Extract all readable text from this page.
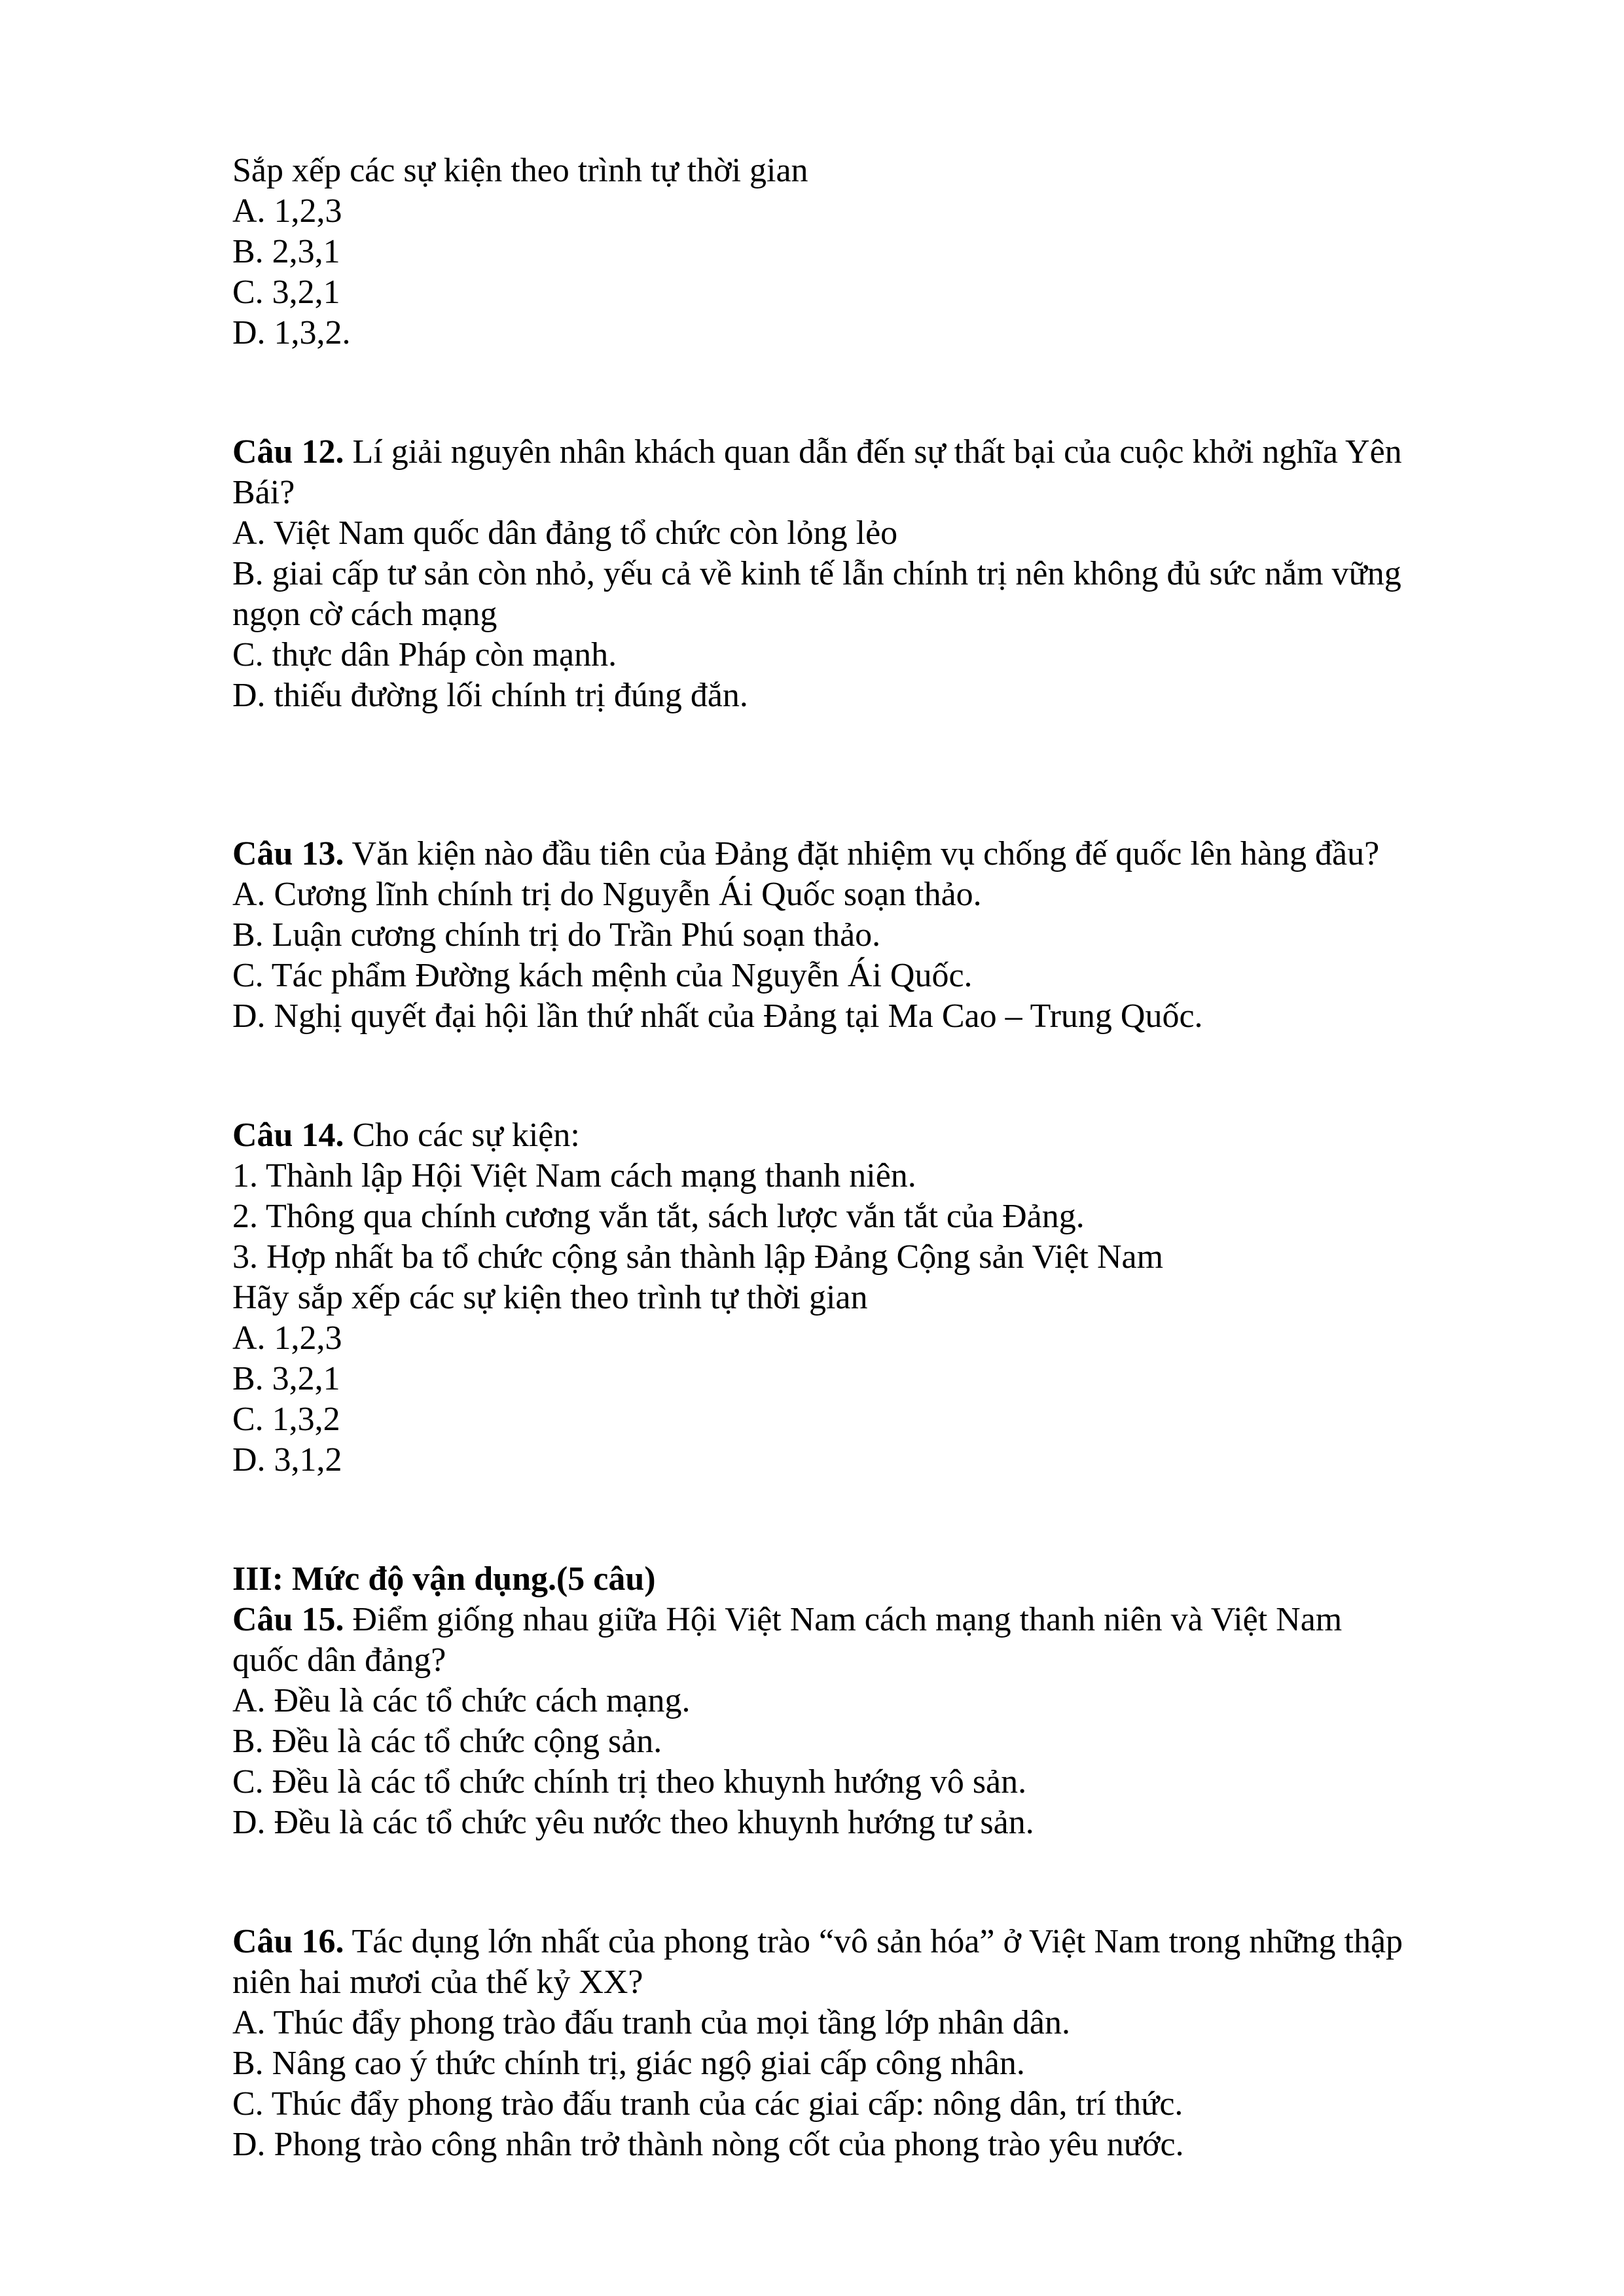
Sắp xếp các sự kiện theo trình tự thời gian
A. 1,2,3
B. 2,3,1
C. 3,2,1
D. 1,3,2.
Câu 12. Lí giải nguyên nhân khách quan dẫn đến sự thất bại của cuộc khởi nghĩa Yên
Bái?
A. Việt Nam quốc dân đảng tổ chức còn lỏng lẻo
B. giai cấp tư sản còn nhỏ, yếu cả về kinh tế lẫn chính trị nên không đủ sức nắm vững
ngọn cờ cách mạng
C. thực dân Pháp còn mạnh.
D. thiếu đường lối chính trị đúng đắn.
Câu 13. Văn kiện nào đầu tiên của Đảng đặt nhiệm vụ chống đế quốc lên hàng đầu?
A. Cương lĩnh chính trị do Nguyễn Ái Quốc soạn thảo.
B. Luận cương chính trị do Trần Phú soạn thảo.
C. Tác phẩm Đường kách mệnh của Nguyễn Ái Quốc.
D. Nghị quyết đại hội lần thứ nhất của Đảng tại Ma Cao – Trung Quốc.
Câu 14. Cho các sự kiện:
1. Thành lập Hội Việt Nam cách mạng thanh niên.
2. Thông qua chính cương vắn tắt, sách lược vắn tắt của Đảng.
3. Hợp nhất ba tổ chức cộng sản thành lập Đảng Cộng sản Việt Nam
Hãy sắp xếp các sự kiện theo trình tự thời gian
A. 1,2,3
B. 3,2,1
C. 1,3,2
D. 3,1,2
III: Mức độ vận dụng.(5 câu)
Câu 15. Điểm giống nhau giữa Hội Việt Nam cách mạng thanh niên và Việt Nam
quốc dân đảng?
A. Đều là các tổ chức cách mạng.
B. Đều là các tổ chức cộng sản.
C. Đều là các tổ chức chính trị theo khuynh hướng vô sản.
D. Đều là các tổ chức yêu nước theo khuynh hướng tư sản.
Câu 16. Tác dụng lớn nhất của phong trào “vô sản hóa” ở Việt Nam trong những thập
niên hai mươi của thế kỷ XX?
A. Thúc đẩy phong trào đấu tranh của mọi tầng lớp nhân dân.
B. Nâng cao ý thức chính trị, giác ngộ giai cấp công nhân.
C. Thúc đẩy phong trào đấu tranh của các giai cấp: nông dân, trí thức.
D. Phong trào công nhân trở thành nòng cốt của phong trào yêu nước.
